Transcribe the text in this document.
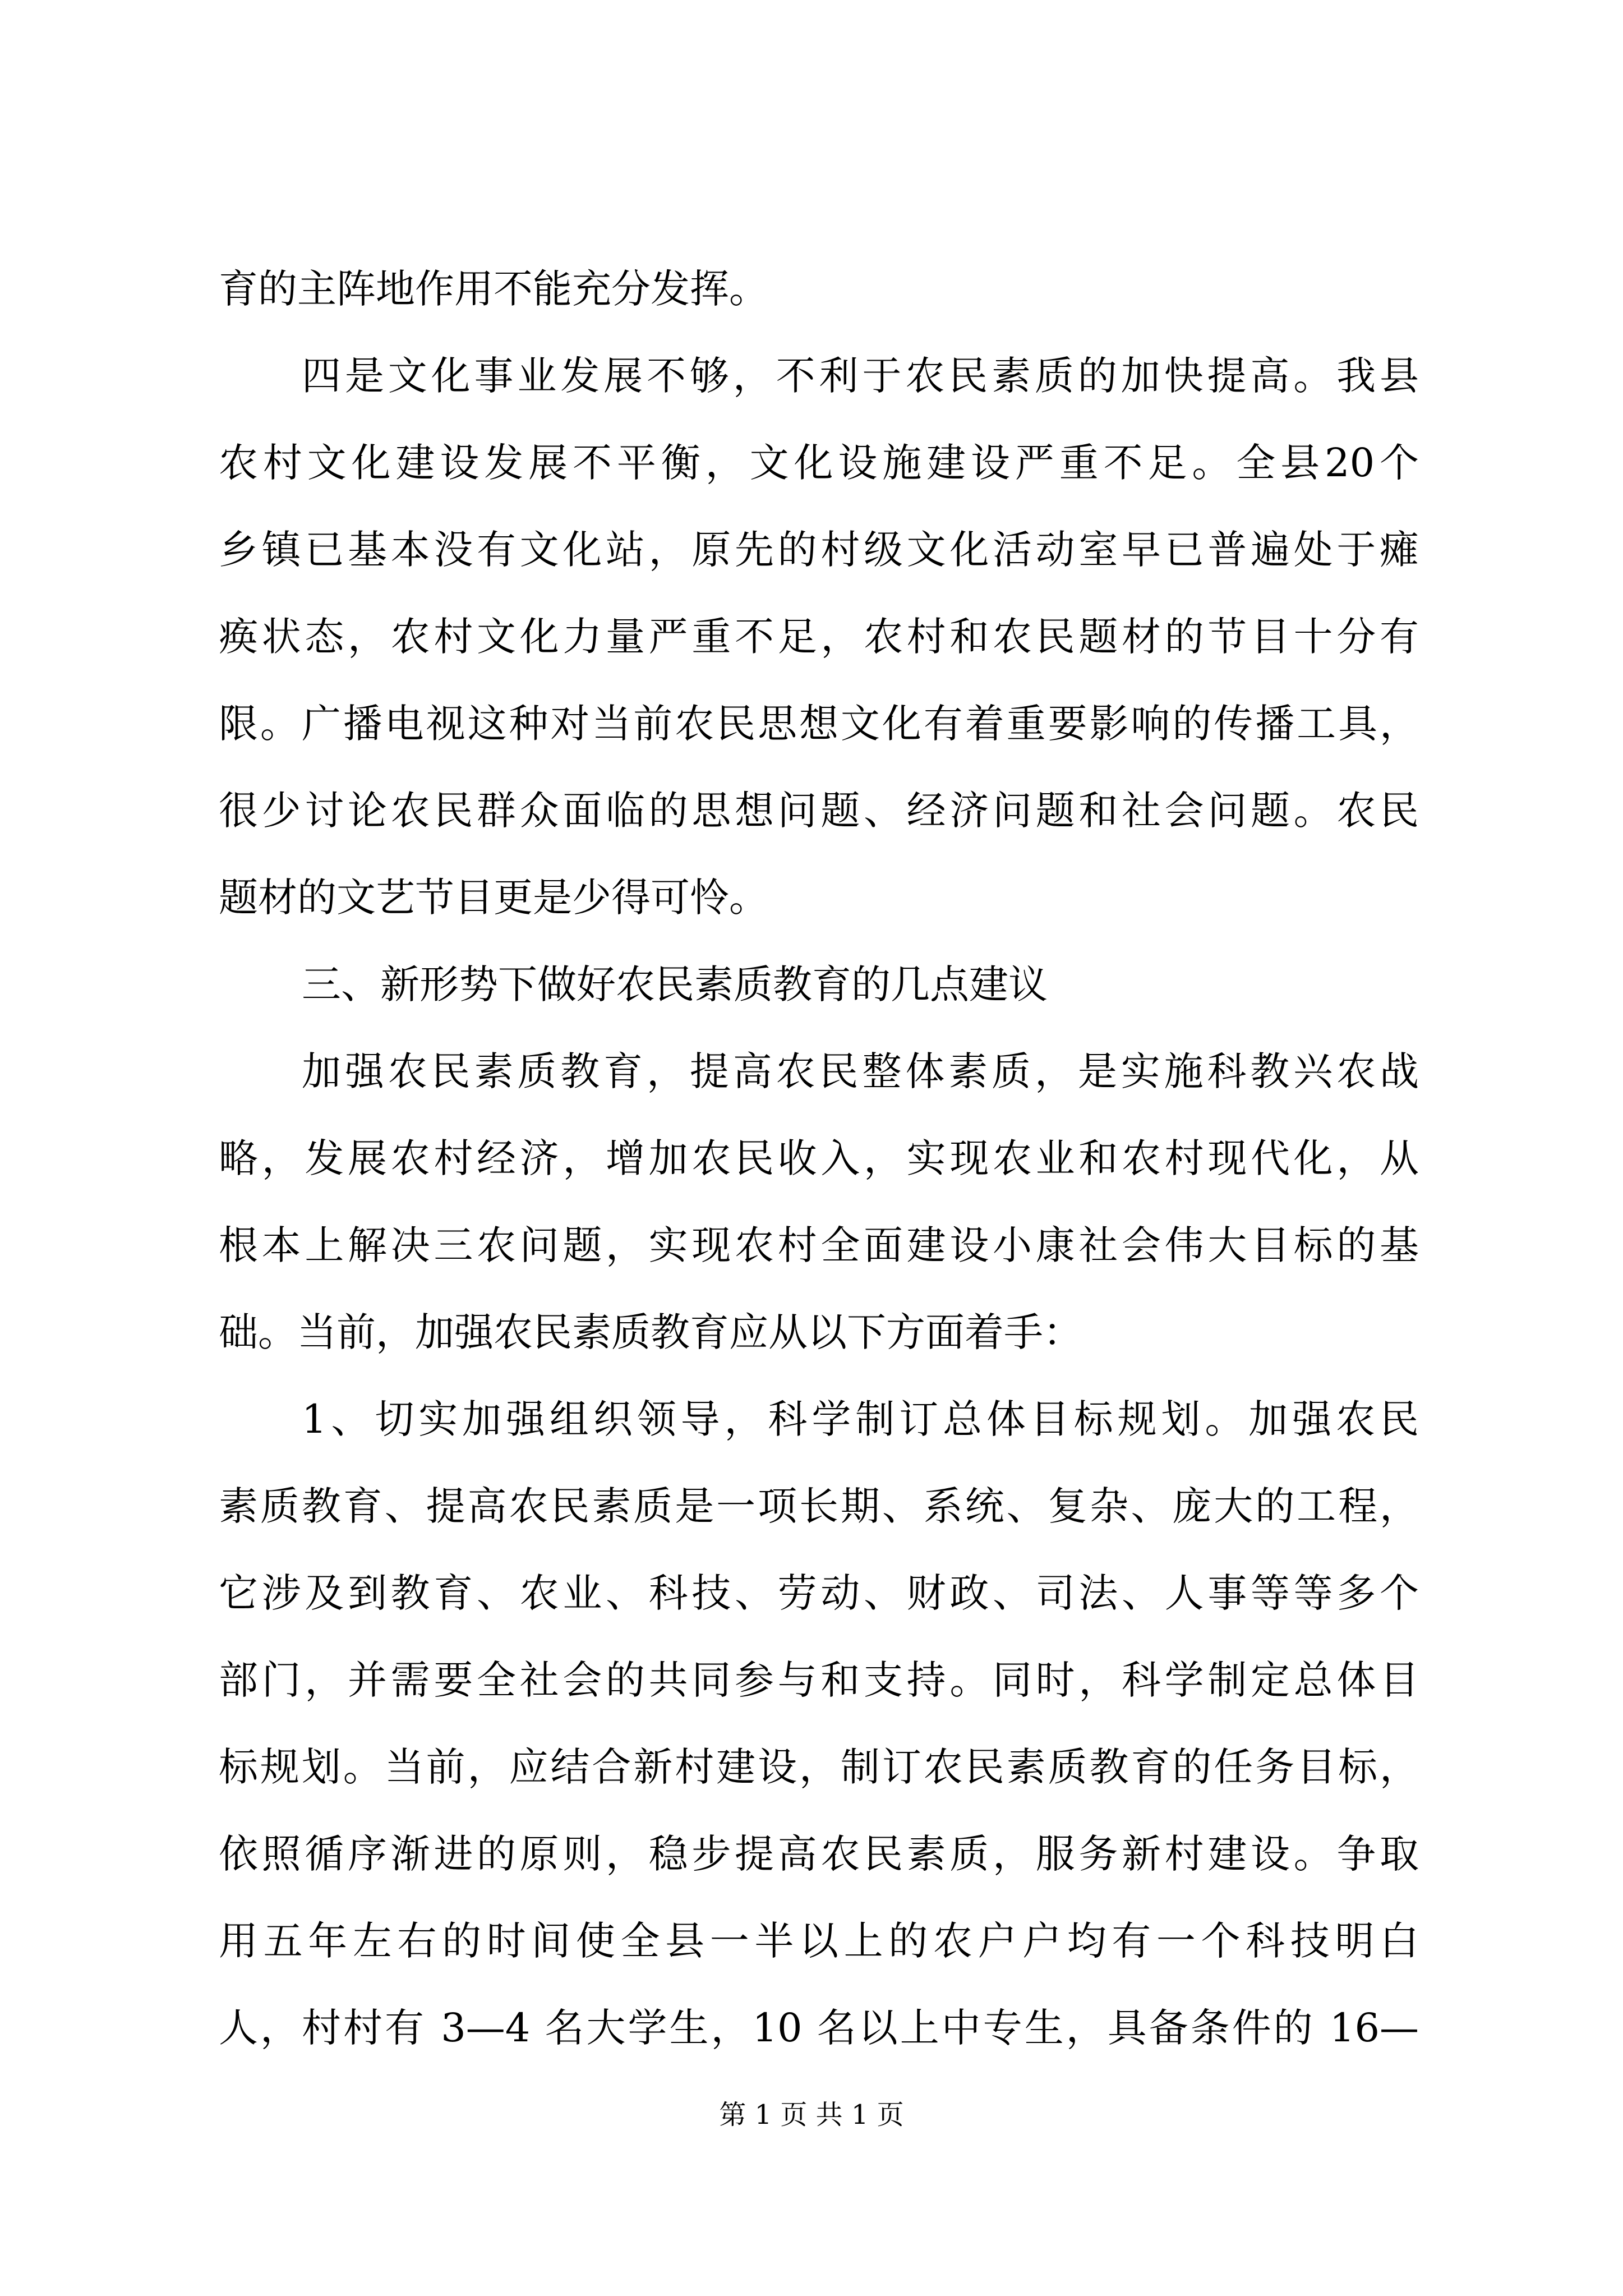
育的主阵地作用不能充分发挥。
四是文化事业发展不够，不利于农民素质的加快提高。我县
农村文化建设发展不平衡，文化设施建设严重不足。全县20个
乡镇已基本没有文化站，原先的村级文化活动室早已普遍处于瘫
痪状态，农村文化力量严重不足，农村和农民题材的节目十分有
限。广播电视这种对当前农民思想文化有着重要影响的传播工具，
很少讨论农民群众面临的思想问题、经济问题和社会问题。农民
题材的文艺节目更是少得可怜。
三、新形势下做好农民素质教育的几点建议
加强农民素质教育，提高农民整体素质，是实施科教兴农战
略，发展农村经济，增加农民收入，实现农业和农村现代化，从
根本上解决三农问题，实现农村全面建设小康社会伟大目标的基
础。当前，加强农民素质教育应从以下方面着手：
1、切实加强组织领导，科学制订总体目标规划。加强农民
素质教育、提高农民素质是一项长期、系统、复杂、庞大的工程，
它涉及到教育、农业、科技、劳动、财政、司法、人事等等多个
部门，并需要全社会的共同参与和支持。同时，科学制定总体目
标规划。当前，应结合新村建设，制订农民素质教育的任务目标，
依照循序渐进的原则，稳步提高农民素质，服务新村建设。争取
用五年左右的时间使全县一半以上的农户户均有一个科技明白
人，村村有 3—4 名大学生，10 名以上中专生，具备条件的 16—
第 1 页 共 1 页
